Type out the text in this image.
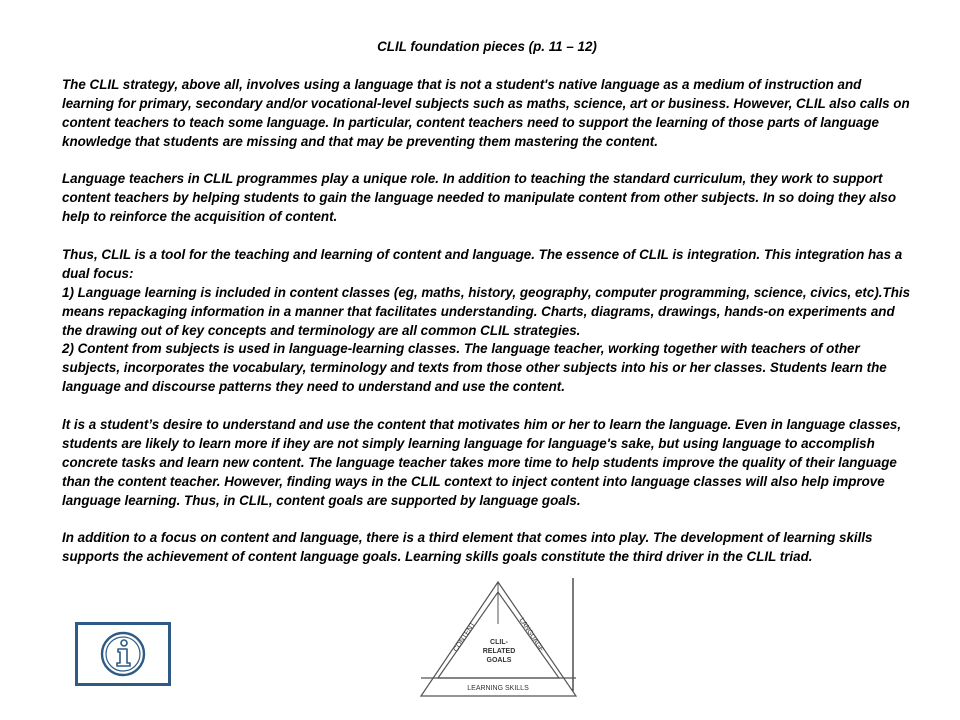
CLIL foundation pieces (p. 11 – 12)

The CLIL strategy, above all, involves using a language that is not a student's native language as a medium of instruction and learning for primary, secondary and/or vocational-level subjects such as maths, science, art or business. However, CLIL also calls on content teachers to teach some language. In particular, content teachers need to support the learning of those parts of language knowledge that students are missing and that may be preventing them mastering the content.

Language teachers in CLIL programmes play a unique role. In addition to teaching the standard curriculum, they work to support content teachers by helping students to gain the language needed to manipulate content from other subjects. In so doing they also help to reinforce the acquisition of content.

Thus, CLIL is a tool for the teaching and learning of content and language. The essence of CLIL is integration. This integration has a dual focus:

1) Language learning is included in content classes (eg, maths, history, geography, computer programming, science, civics, etc).This means repackaging information in a manner that facilitates understanding. Charts, diagrams, drawings, hands-on experiments and the drawing out of key concepts and terminology are all common CLIL strategies.

2) Content from subjects is used in language-learning classes. The language teacher, working together with teachers of other subjects, incorporates the vocabulary, terminology and texts from those other subjects into his or her classes. Students learn the language and discourse patterns they need to understand and use the content.

lt is a student’s desire to understand and use the content that motivates him or her to learn the language. Even in language classes, students are likely to learn more if ihey are not simply learning language for language's sake, but using language to accomplish concrete tasks and learn new content. The language teacher takes more time to help students improve the quality of their language than the content teacher. However, finding ways in the CLIL context to inject content into language classes will also help improve language learning. Thus, in CLIL, content goals are supported by language goals.

In addition to a focus on content and language, there is a third element that comes into play. The development of learning skills supports the achievement of content language goals. Learning skills goals constitute the third driver in the CLIL triad.

CONTENT	LANGUAGE
CLIL-
RELATED
GOALS
LEARNING SKILLS
